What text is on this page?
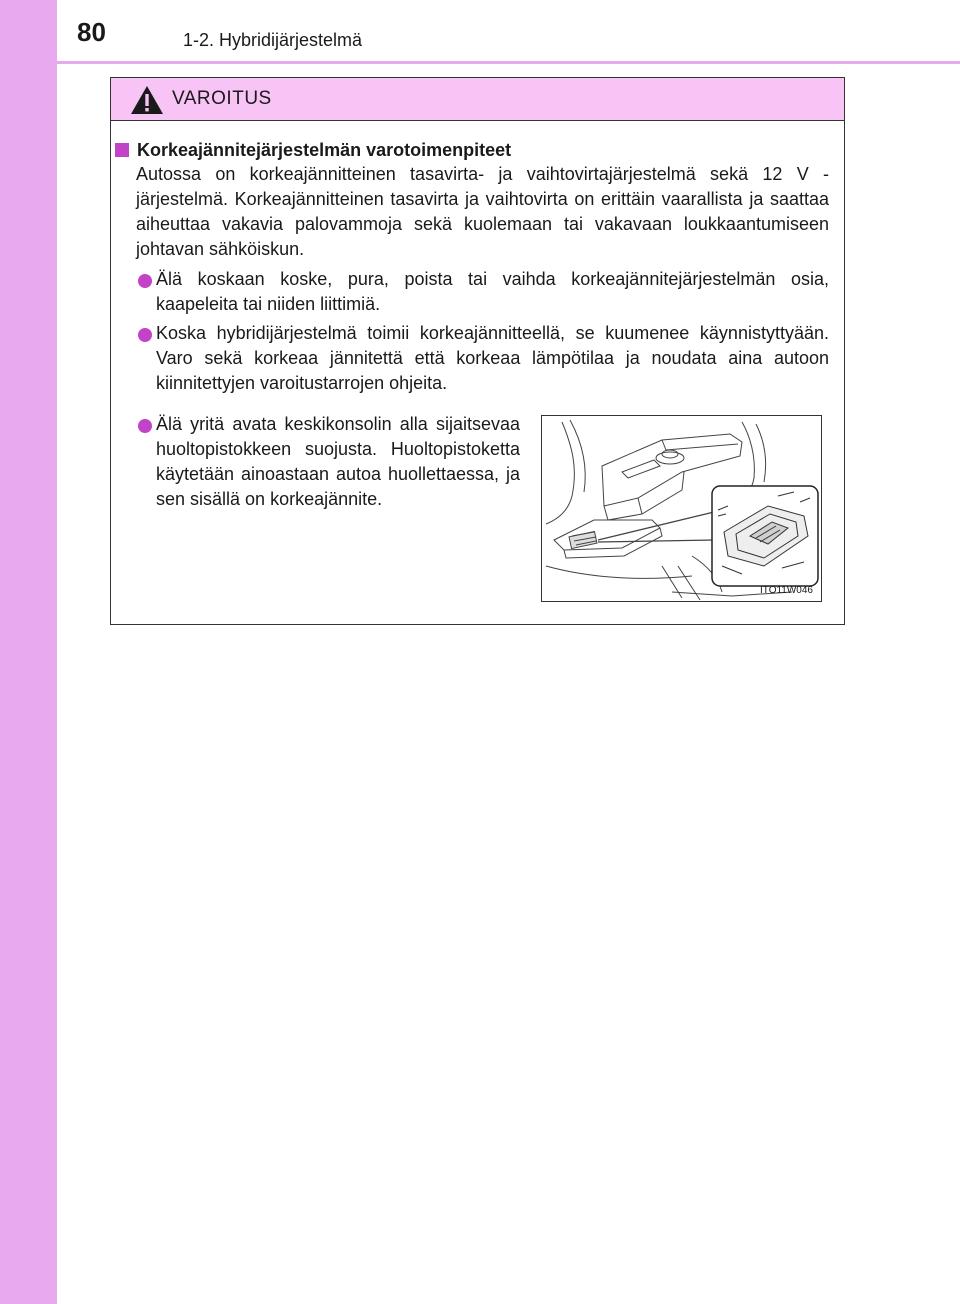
80	1-2. Hybridijärjestelmä
VAROITUS
Korkeajännitejärjestelmän varotoimenpiteet

Autossa on korkeajännitteinen tasavirta- ja vaihtovirtajärjestelmä sekä 12 V -järjestelmä. Korkeajännitteinen tasavirta ja vaihtovirta on erittäin vaarallista ja saattaa aiheuttaa vakavia palovammoja sekä kuolemaan tai vakavaan loukkaantumiseen johtavan sähköiskun.

Älä koskaan koske, pura, poista tai vaihda korkeajännitejärjestelmän osia, kaapeleita tai niiden liittimiä.

Koska hybridijärjestelmä toimii korkeajännitteellä, se kuumenee käynnistyttyään. Varo sekä korkeaa jännitettä että korkeaa lämpötilaa ja noudata aina autoon kiinnitettyjen varoitustarrojen ohjeita.

Älä yritä avata keskikonsolin alla sijaitsevaa huoltopistokkeen suojusta. Huoltopistoketta käytetään ainoastaan autoa huollettaessa, ja sen sisällä on korkeajännite.

ITO11W046
